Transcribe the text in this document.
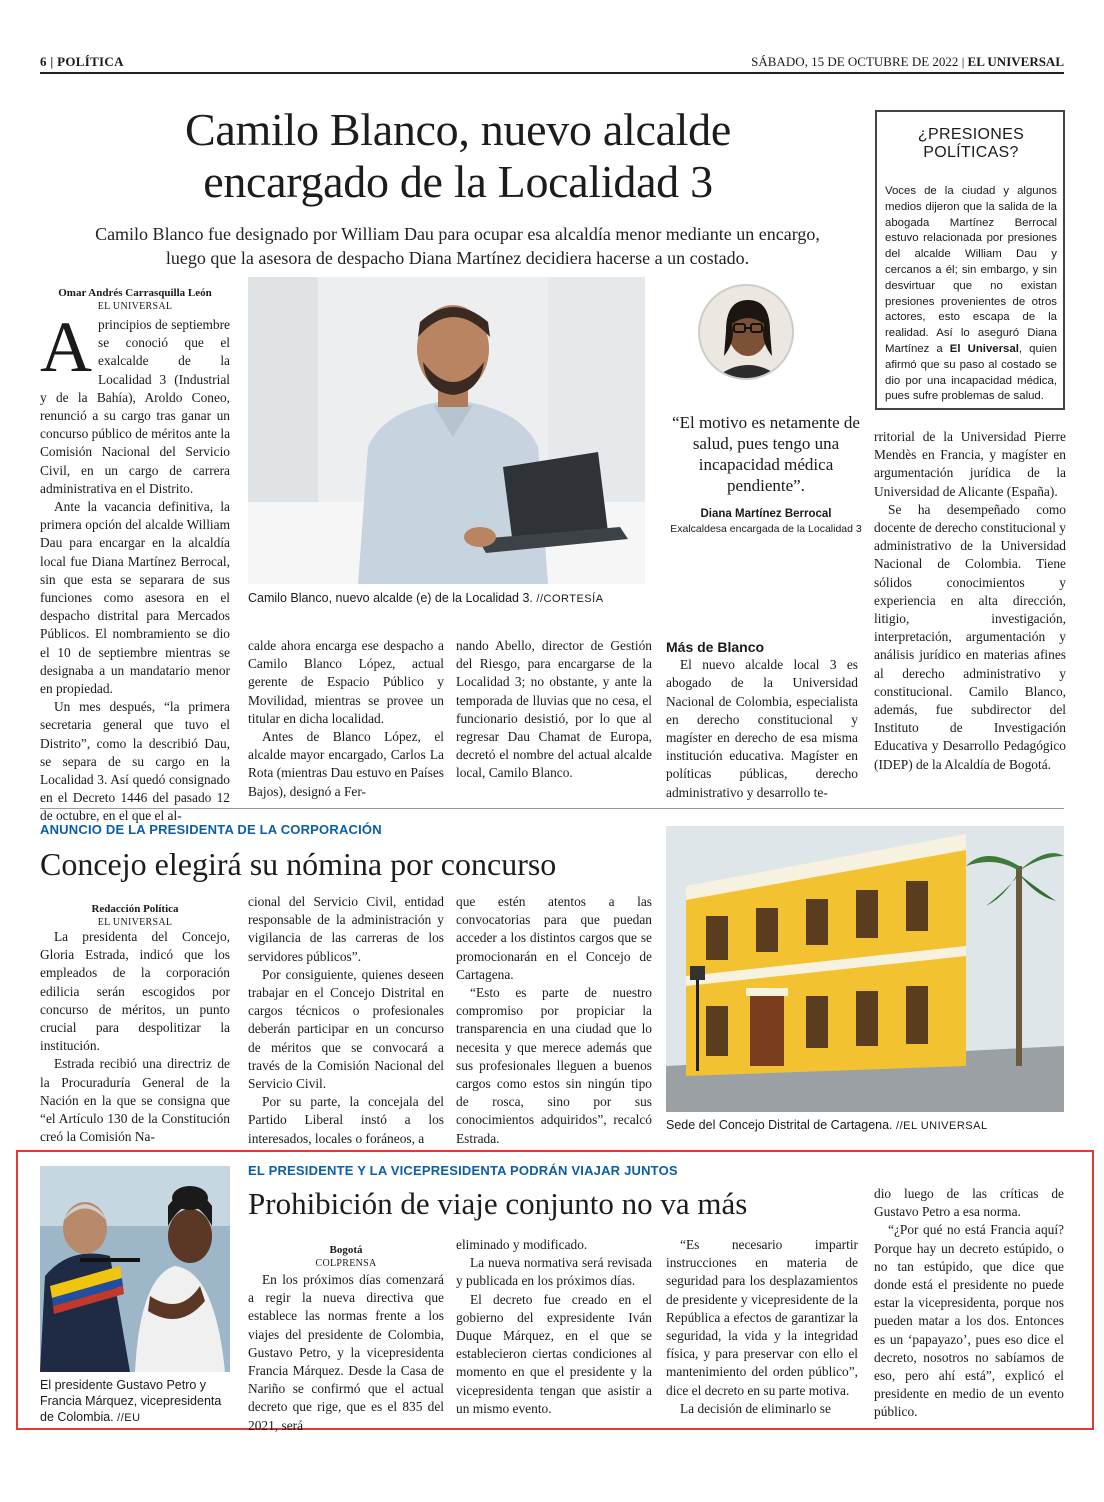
6 | POLÍTICA	SÁBADO, 15 DE OCTUBRE DE 2022 | EL UNIVERSAL
Camilo Blanco, nuevo alcalde
encargado de la Localidad 3
Camilo Blanco fue designado por William Dau para ocupar esa alcaldía menor mediante un encargo,
luego que la asesora de despacho Diana Martínez decidiera hacerse a un costado.
¿PRESIONES
POLÍTICAS?
Voces de la ciudad y algunos medios dijeron que la salida de la abogada Martínez Berrocal estuvo relacionada por presiones del alcalde William Dau y cercanos a él; sin embargo, y sin desvirtuar que no existan presiones provenientes de otros actores, esto escapa de la realidad. Así lo aseguró Diana Martínez a El Universal, quien afirmó que su paso al costado se dio por una incapacidad médica, pues sufre problemas de salud.
Omar Andrés Carrasquilla León
EL UNIVERSAL

Aprincipios de septiembre se conoció que el exalcalde de la Localidad 3 (Industrial y de la Bahía), Aroldo Coneo, renunció a su cargo tras ganar un concurso público de méritos ante la Comisión Nacional del Servicio Civil, en un cargo de carrera administrativa en el Distrito.

Ante la vacancia definitiva, la primera opción del alcalde William Dau para encargar en la alcaldía local fue Diana Martínez Berrocal, sin que esta se separara de sus funciones como asesora en el despacho distrital para Mercados Públicos. El nombramiento se dio el 10 de septiembre mientras se designaba a un mandatario menor en propiedad.

Un mes después, “la primera secretaria general que tuvo el Distrito”, como la describió Dau, se separa de su cargo en la Localidad 3. Así quedó consignado en el Decreto 1446 del pasado 12 de octubre, en el que el al-

Camilo Blanco, nuevo alcalde (e) de la Localidad 3. //CORTESÍA
“El motivo es netamente de salud, pues tengo una incapacidad médica pendiente”.
Diana Martínez Berrocal
Exalcaldesa encargada de la Localidad 3

calde ahora encarga ese despacho a Camilo Blanco López, actual gerente de Espacio Público y Movilidad, mientras se provee un titular en dicha localidad.

Antes de Blanco López, el alcalde mayor encargado, Carlos La Rota (mientras Dau estuvo en Países Bajos), designó a Fer-

nando Abello, director de Gestión del Riesgo, para encargarse de la Localidad 3; no obstante, y ante la temporada de lluvias que no cesa, el funcionario desistió, por lo que al regresar Dau Chamat de Europa, decretó el nombre del actual alcalde local, Camilo Blanco.

Más de Blanco

El nuevo alcalde local 3 es abogado de la Universidad Nacional de Colombia, especialista en derecho constitucional y magíster en derecho de esa misma institución educativa. Magíster en políticas públicas, derecho administrativo y desarrollo te-

rritorial de la Universidad Pierre Mendès en Francia, y magíster en argumentación jurídica de la Universidad de Alicante (España).

Se ha desempeñado como docente de derecho constitucional y administrativo de la Universidad Nacional de Colombia. Tiene sólidos conocimientos y experiencia en alta dirección, litigio, investigación, interpretación, argumentación y análisis jurídico en materias afines al derecho administrativo y constitucional. Camilo Blanco, además, fue subdirector del Instituto de Investigación Educativa y Desarrollo Pedagógico (IDEP) de la Alcaldía de Bogotá.

ANUNCIO DE LA PRESIDENTA DE LA CORPORACIÓN
Concejo elegirá su nómina por concurso
Redacción Política
EL UNIVERSAL

La presidenta del Concejo, Gloria Estrada, indicó que los empleados de la corporación edilicia serán escogidos por concurso de méritos, un punto crucial para despolitizar la institución.

Estrada recibió una directriz de la Procuraduría General de la Nación en la que se consigna que “el Artículo 130 de la Constitución creó la Comisión Na-

cional del Servicio Civil, entidad responsable de la administración y vigilancia de las carreras de los servidores públicos”.

Por consiguiente, quienes deseen trabajar en el Concejo Distrital en cargos técnicos o profesionales deberán participar en un concurso de méritos que se convocará a través de la Comisión Nacional del Servicio Civil.

Por su parte, la concejala del Partido Liberal instó a los interesados, locales o foráneos, a

que estén atentos a las convocatorias para que puedan acceder a los distintos cargos que se promocionarán en el Concejo de Cartagena.

“Esto es parte de nuestro compromiso por propiciar la transparencia en una ciudad que lo necesita y que merece además que sus profesionales lleguen a buenos cargos como estos sin ningún tipo de rosca, sino por sus conocimientos adquiridos”, recalcó Estrada.

Sede del Concejo Distrital de Cartagena. //EL UNIVERSAL
El presidente Gustavo Petro y Francia Márquez, vicepresidenta de Colombia. //EU
EL PRESIDENTE Y LA VICEPRESIDENTA PODRÁN VIAJAR JUNTOS
Prohibición de viaje conjunto no va más
Bogotá
COLPRENSA

En los próximos días comenzará a regir la nueva directiva que establece las normas frente a los viajes del presidente de Colombia, Gustavo Petro, y la vicepresidenta Francia Márquez. Desde la Casa de Nariño se confirmó que el actual decreto que rige, que es el 835 del 2021, será

eliminado y modificado.

La nueva normativa será revisada y publicada en los próximos días.

El decreto fue creado en el gobierno del expresidente Iván Duque Márquez, en el que se establecieron ciertas condiciones al momento en que el presidente y la vicepresidenta tengan que asistir a un mismo evento.

“Es necesario impartir instrucciones en materia de seguridad para los desplazamientos de presidente y vicepresidente de la República a efectos de garantizar la seguridad, la vida y la integridad física, y para preservar con ello el mantenimiento del orden público”, dice el decreto en su parte motiva.

La decisión de eliminarlo se

dio luego de las críticas de Gustavo Petro a esa norma.

“¿Por qué no está Francia aquí? Porque hay un decreto estúpido, o no tan estúpido, que dice que donde está el presidente no puede estar la vicepresidenta, porque nos pueden matar a los dos. Entonces es un ‘papayazo’, pues eso dice el decreto, nosotros no sabíamos de eso, pero ahí está”, explicó el presidente en medio de un evento público.
